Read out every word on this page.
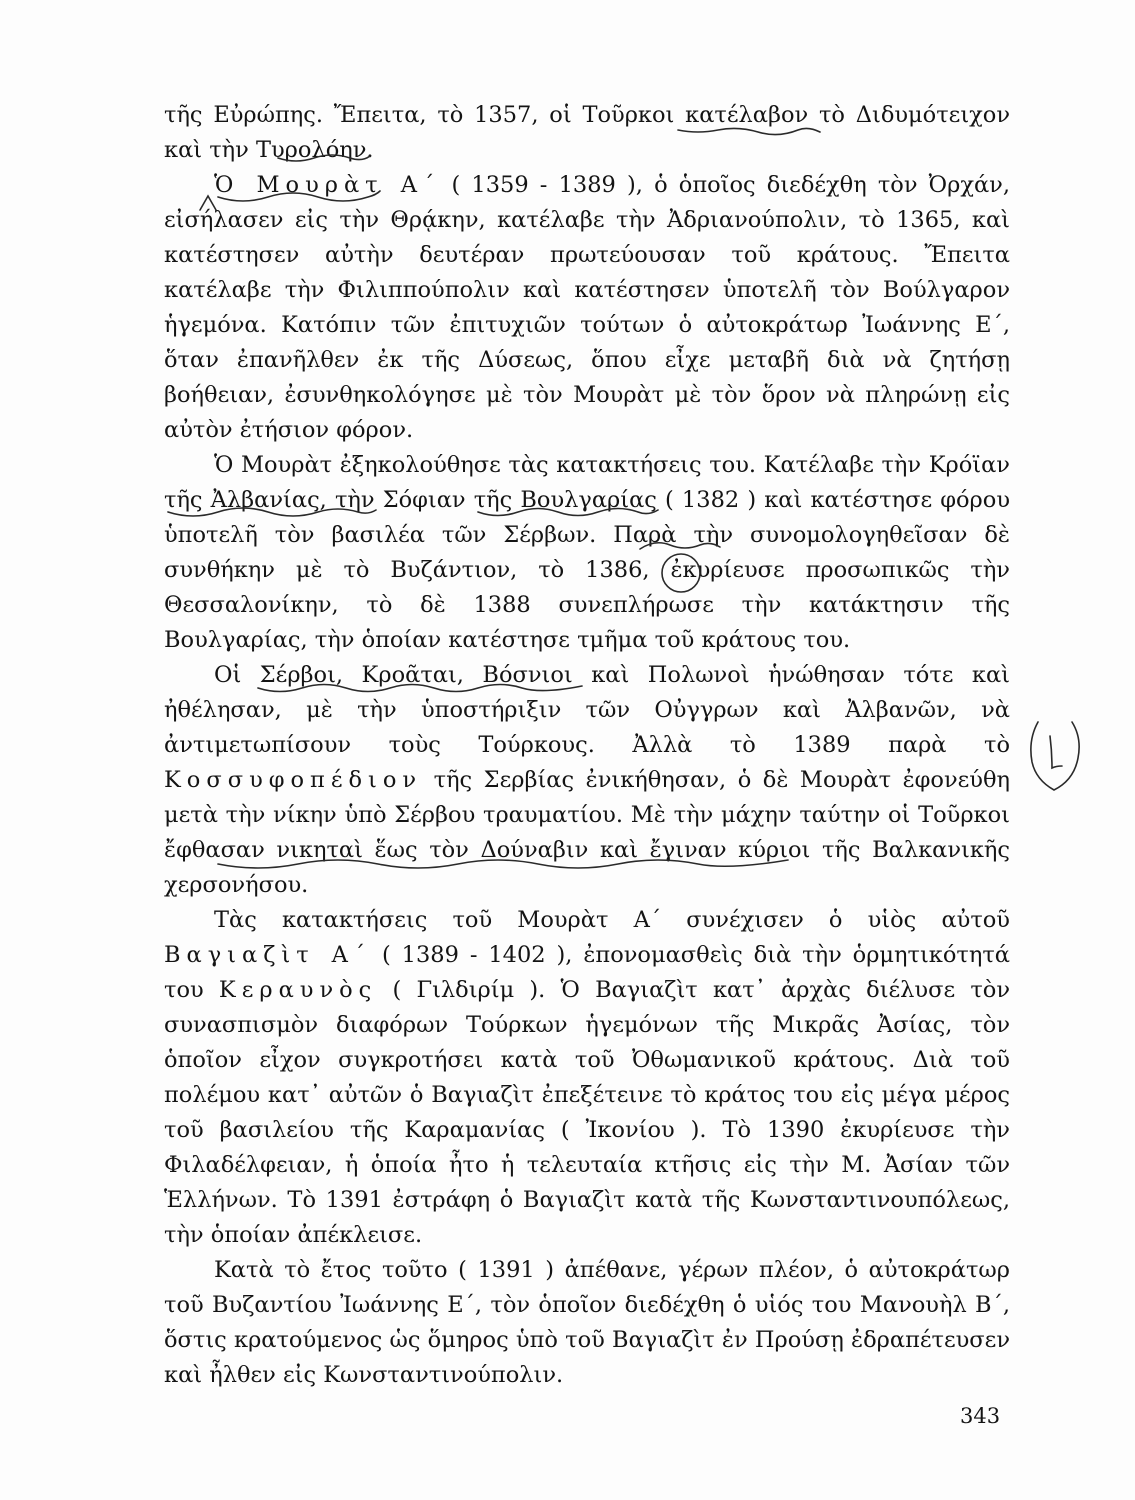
τῆς Εὐρώπης. Ἔπειτα, τὸ 1357, οἱ Τοῦρκοι κατέλαβον τὸ Διδυμότειχον καὶ τὴν Τυρολόην.

Ὁ Μουρὰτ Α΄ ( 1359 - 1389 ), ὁ ὁποῖος διεδέχθη τὸν Ὀρχάν, εἰσήλασεν εἰς τὴν Θρᾴκην, κατέλαβε τὴν Ἀδριανούπολιν, τὸ 1365, καὶ κατέστησεν αὐτὴν δευτέραν πρωτεύουσαν τοῦ κράτους. Ἔπειτα κατέλαβε τὴν Φιλιππούπολιν καὶ κατέστησεν ὑποτελῆ τὸν Βούλγαρον ἡγεμόνα. Κατόπιν τῶν ἐπιτυχιῶν τούτων ὁ αὐτοκράτωρ Ἰωάννης Ε΄, ὅταν ἐπανῆλθεν ἐκ τῆς Δύσεως, ὅπου εἶχε μεταβῆ διὰ νὰ ζητήσῃ βοήθειαν, ἐσυνθηκολόγησε μὲ τὸν Μουρὰτ μὲ τὸν ὅρον νὰ πληρώνῃ εἰς αὐτὸν ἐτήσιον φόρον.

Ὁ Μουρὰτ ἐξηκολούθησε τὰς κατακτήσεις του. Κατέλαβε τὴν Κρόϊαν τῆς Ἀλβανίας, τὴν Σόφιαν τῆς Βουλγαρίας ( 1382 ) καὶ κατέστησε φόρου ὑποτελῆ τὸν βασιλέα τῶν Σέρβων. Παρὰ τὴν συνομολογηθεῖσαν δὲ συνθήκην μὲ τὸ Βυζάντιον, τὸ 1386, ἐκυρίευσε προσωπικῶς τὴν Θεσσαλονίκην, τὸ δὲ 1388 συνεπλήρωσε τὴν κατάκτησιν τῆς Βουλγαρίας, τὴν ὁποίαν κατέστησε τμῆμα τοῦ κράτους του.

Οἱ Σέρβοι, Κροᾶται, Βόσνιοι καὶ Πολωνοὶ ἡνώθησαν τότε καὶ ἠθέλησαν, μὲ τὴν ὑποστήριξιν τῶν Οὐγγρων καὶ Ἀλβανῶν, νὰ ἀντιμετωπίσουν τοὺς Τούρκους. Ἀλλὰ τὸ 1389 παρὰ τὸ Κοσσυφοπέδιον τῆς Σερβίας ἐνικήθησαν, ὁ δὲ Μουρὰτ ἐφονεύθη μετὰ τὴν νίκην ὑπὸ Σέρβου τραυματίου. Μὲ τὴν μάχην ταύτην οἱ Τοῦρκοι ἔφθασαν νικηταὶ ἕως τὸν Δούναβιν καὶ ἔγιναν κύριοι τῆς Βαλκανικῆς χερσονήσου.

Τὰς κατακτήσεις τοῦ Μουρὰτ Α΄ συνέχισεν ὁ υἱὸς αὐτοῦ Βαγιαζὶτ Α΄ ( 1389 - 1402 ), ἐπονομασθεὶς διὰ τὴν ὁρμητικότητά του Κεραυνὸς ( Γιλδιρίμ ). Ὁ Βαγιαζὶτ κατ᾽ ἀρχὰς διέλυσε τὸν συνασπισμὸν διαφόρων Τούρκων ἡγεμόνων τῆς Μικρᾶς Ἀσίας, τὸν ὁποῖον εἶχον συγκροτήσει κατὰ τοῦ Ὀθωμανικοῦ κράτους. Διὰ τοῦ πολέμου κατ᾽ αὐτῶν ὁ Βαγιαζὶτ ἐπεξέτεινε τὸ κράτος του εἰς μέγα μέρος τοῦ βασιλείου τῆς Καραμανίας ( Ἰκονίου ). Τὸ 1390 ἐκυρίευσε τὴν Φιλαδέλφειαν, ἡ ὁποία ἦτο ἡ τελευταία κτῆσις εἰς τὴν Μ. Ἀσίαν τῶν Ἑλλήνων. Τὸ 1391 ἐστράφη ὁ Βαγιαζὶτ κατὰ τῆς Κωνσταντινουπόλεως, τὴν ὁποίαν ἀπέκλεισε.

Κατὰ τὸ ἔτος τοῦτο ( 1391 ) ἀπέθανε, γέρων πλέον, ὁ αὐτοκράτωρ τοῦ Βυζαντίου Ἰωάννης Ε΄, τὸν ὁποῖον διεδέχθη ὁ υἱός του Μανουὴλ Β΄, ὅστις κρατούμενος ὡς ὅμηρος ὑπὸ τοῦ Βαγιαζὶτ ἐν Προύσῃ ἐδραπέτευσεν καὶ ἦλθεν εἰς Κωνσταντινούπολιν.

343
